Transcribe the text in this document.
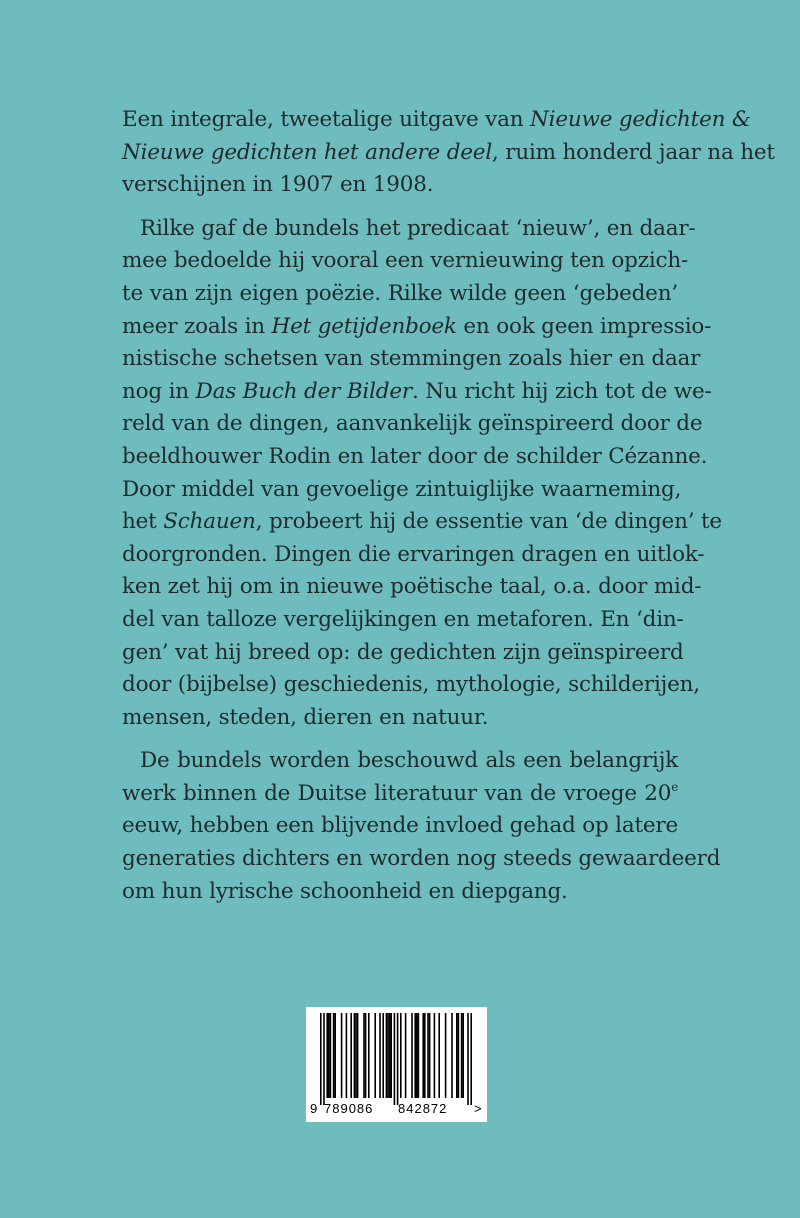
Een integrale, tweetalige uitgave van Nieuwe gedichten &
Nieuwe gedichten het andere deel, ruim honderd jaar na het
verschijnen in 1907 en 1908.
Rilke gaf de bundels het predicaat ‘nieuw’, en daar-
mee bedoelde hij vooral een vernieuwing ten opzich-
te van zijn eigen poëzie. Rilke wilde geen ‘gebeden’
meer zoals in Het getijdenboek en ook geen impressio-
nistische schetsen van stemmingen zoals hier en daar
nog in Das Buch der Bilder. Nu richt hij zich tot de we-
reld van de dingen, aanvankelijk geïnspireerd door de
beeldhouwer Rodin en later door de schilder Cézanne.
Door middel van gevoelige zintuiglijke waarneming,
het Schauen, probeert hij de essentie van ‘de dingen’ te
doorgronden. Dingen die ervaringen dragen en uitlok-
ken zet hij om in nieuwe poëtische taal, o.a. door mid-
del van talloze vergelijkingen en metaforen. En ‘din-
gen’ vat hij breed op: de gedichten zijn geïnspireerd
door (bijbelse) geschiedenis, mythologie, schilderijen,
mensen, steden, dieren en natuur.
De bundels worden beschouwd als een belangrijk
werk binnen de Duitse literatuur van de vroege 20e
eeuw, hebben een blijvende invloed gehad op latere
generaties dichters en worden nog steeds gewaardeerd
om hun lyrische schoonheid en diepgang.
9 789086 842872 >
